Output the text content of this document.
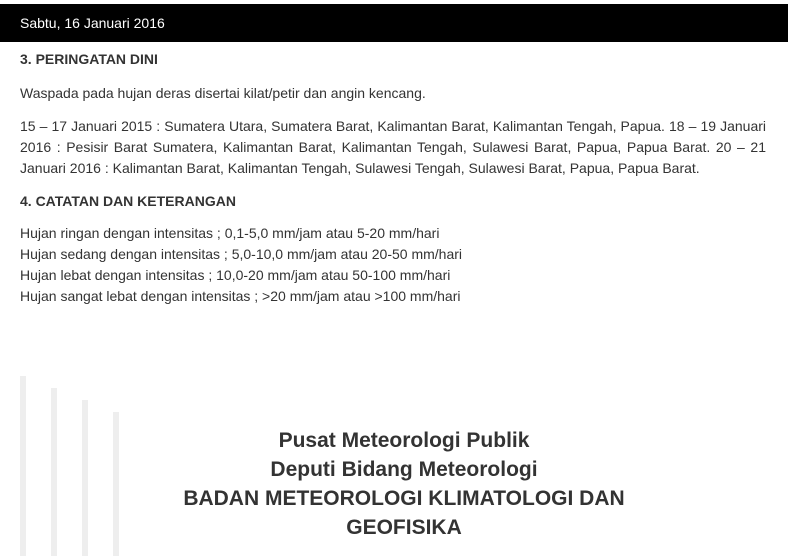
Sabtu, 16 Januari 2016
3. PERINGATAN DINI

Waspada pada hujan deras disertai kilat/petir dan angin kencang.

15 – 17 Januari 2015 : Sumatera Utara, Sumatera Barat, Kalimantan Barat, Kalimantan Tengah, Papua. 18 – 19 Januari 2016 : Pesisir Barat Sumatera, Kalimantan Barat, Kalimantan Tengah, Sulawesi Barat, Papua, Papua Barat. 20 – 21 Januari 2016 : Kalimantan Barat, Kalimantan Tengah, Sulawesi Tengah, Sulawesi Barat, Papua, Papua Barat.

4. CATATAN DAN KETERANGAN
Hujan ringan dengan intensitas ; 0,1-5,0 mm/jam atau 5-20 mm/hari
Hujan sedang dengan intensitas ; 5,0-10,0 mm/jam atau 20-50 mm/hari
Hujan lebat dengan intensitas ; 10,0-20 mm/jam atau 50-100 mm/hari
Hujan sangat lebat dengan intensitas ; >20 mm/jam atau >100 mm/hari
Pusat Meteorologi Publik
Deputi Bidang Meteorologi
BADAN METEOROLOGI KLIMATOLOGI DAN
GEOFISIKA
